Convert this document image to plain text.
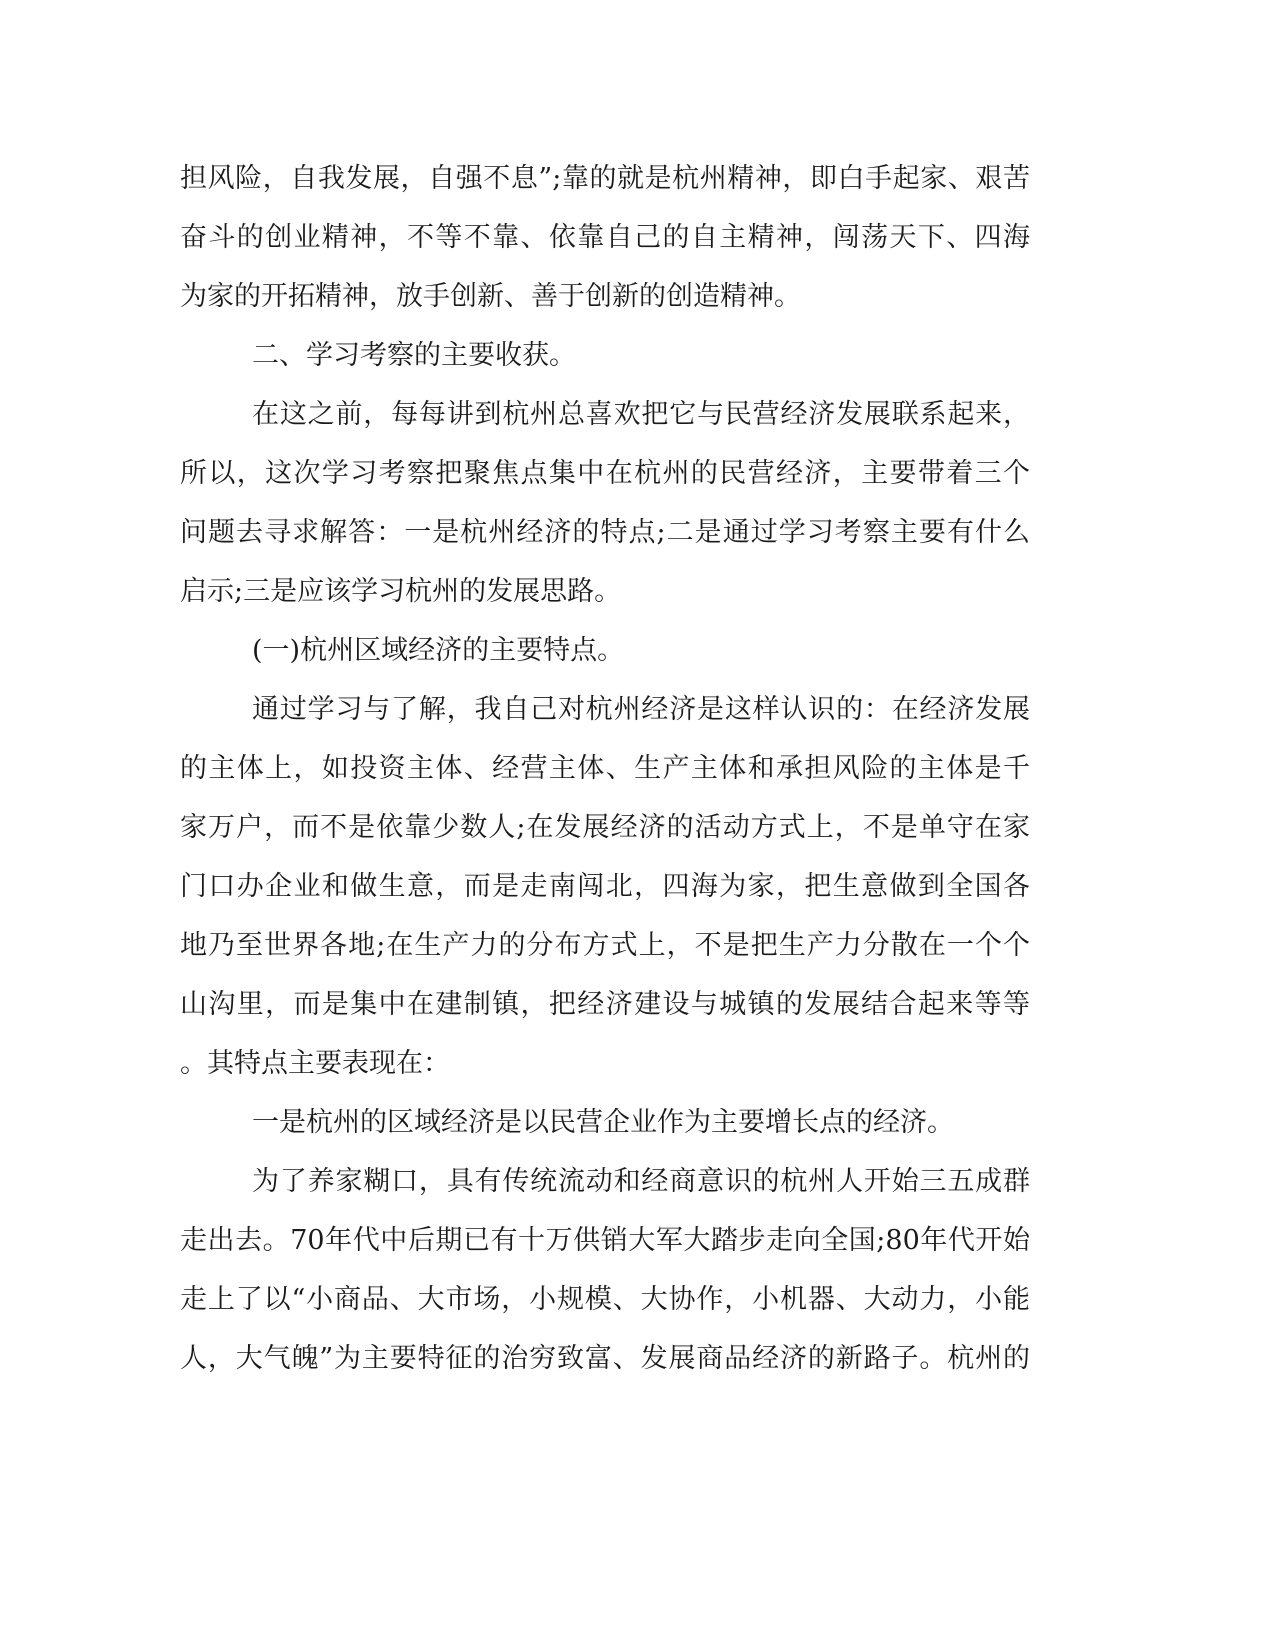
担风险，自我发展，自强不息”;靠的就是杭州精神，即白手起家、艰苦
奋斗的创业精神，不等不靠、依靠自己的自主精神，闯荡天下、四海
为家的开拓精神，放手创新、善于创新的创造精神。
二、学习考察的主要收获。
在这之前，每每讲到杭州总喜欢把它与民营经济发展联系起来，
所以，这次学习考察把聚焦点集中在杭州的民营经济，主要带着三个
问题去寻求解答：一是杭州经济的特点;二是通过学习考察主要有什么
启示;三是应该学习杭州的发展思路。
(一)杭州区域经济的主要特点。
通过学习与了解，我自己对杭州经济是这样认识的：在经济发展
的主体上，如投资主体、经营主体、生产主体和承担风险的主体是千
家万户，而不是依靠少数人;在发展经济的活动方式上，不是单守在家
门口办企业和做生意，而是走南闯北，四海为家，把生意做到全国各
地乃至世界各地;在生产力的分布方式上，不是把生产力分散在一个个
山沟里，而是集中在建制镇，把经济建设与城镇的发展结合起来等等
。其特点主要表现在：
一是杭州的区域经济是以民营企业作为主要增长点的经济。
为了养家糊口，具有传统流动和经商意识的杭州人开始三五成群
走出去。70年代中后期已有十万供销大军大踏步走向全国;80年代开始
走上了以“小商品、大市场，小规模、大协作，小机器、大动力，小能
人，大气魄”为主要特征的治穷致富、发展商品经济的新路子。杭州的
